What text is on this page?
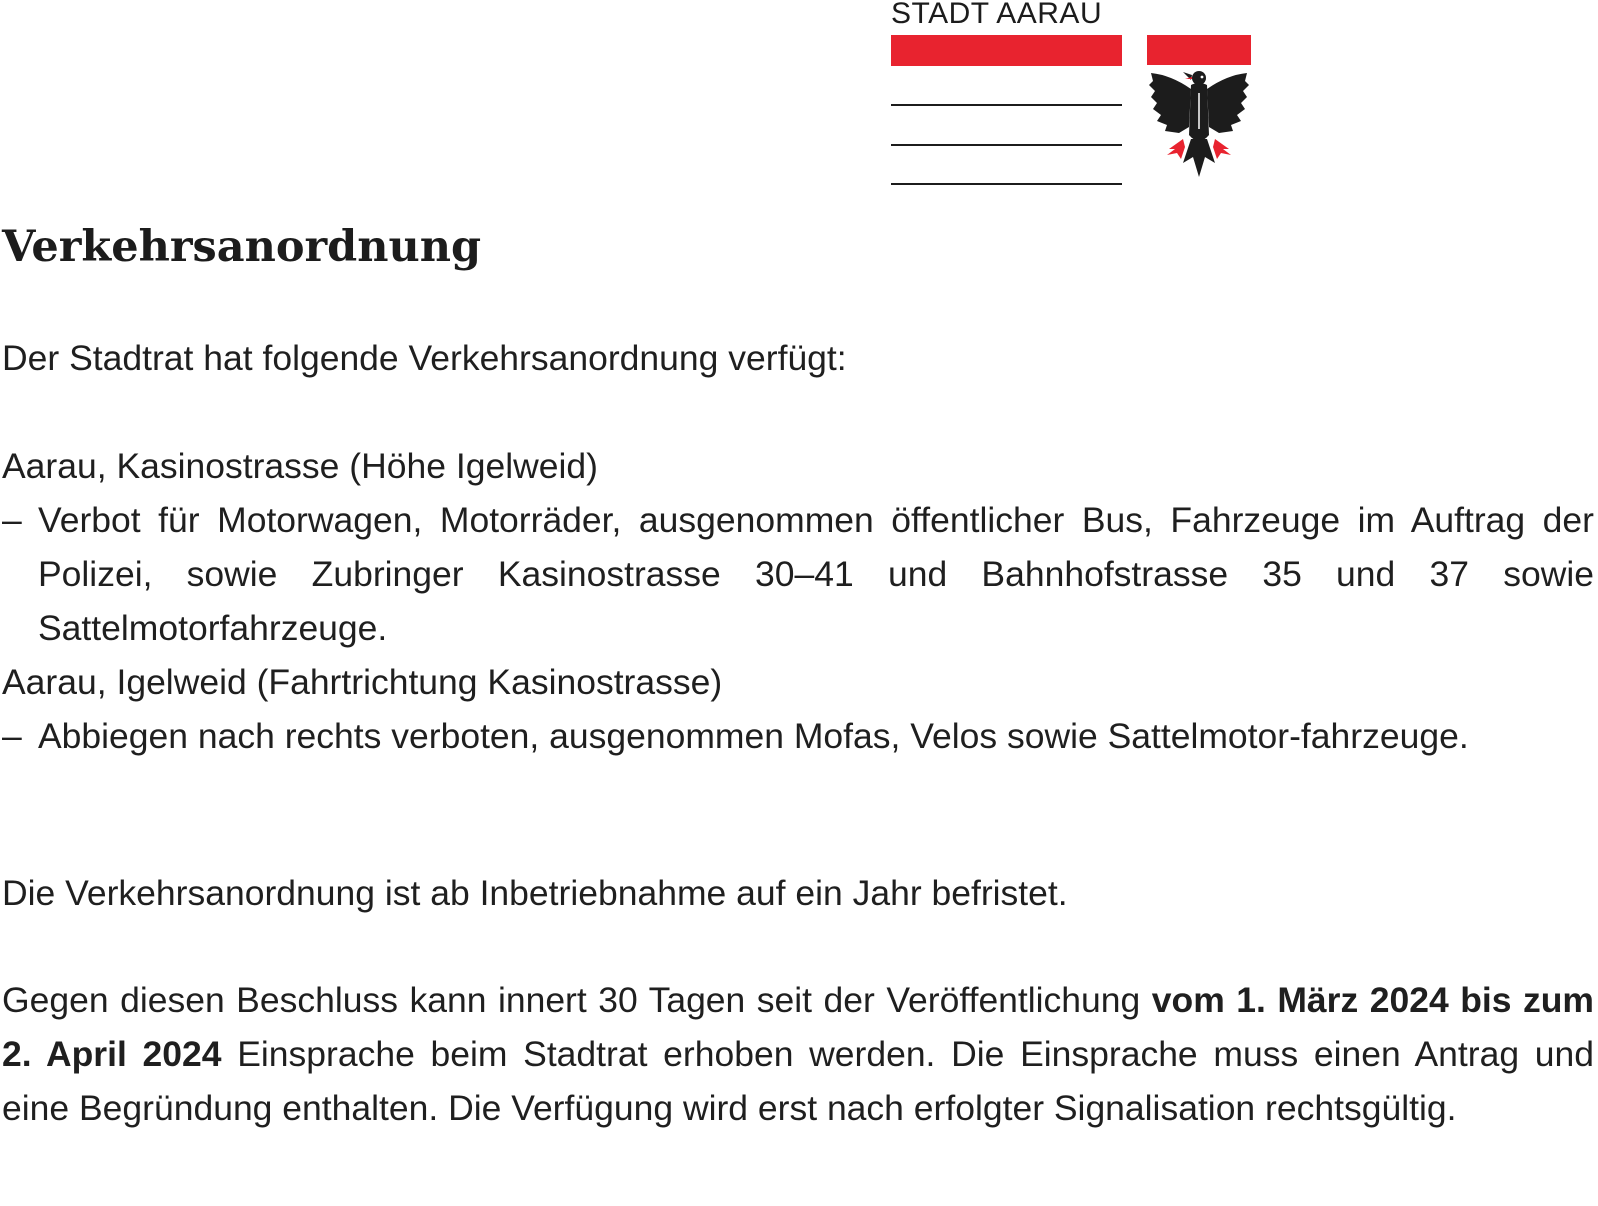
STADT AARAU
Verkehrsanordnung
Der Stadtrat hat folgende Verkehrsanordnung verfügt:
Aarau, Kasinostrasse (Höhe Igelweid)
– Verbot für Motorwagen, Motorräder, ausgenommen öffentlicher Bus, Fahrzeuge im Auftrag der Polizei, sowie Zubringer Kasinostrasse 30–41 und Bahnhofstrasse 35 und 37 sowie Sattelmotorfahrzeuge.
Aarau, Igelweid (Fahrtrichtung Kasinostrasse)
– Abbiegen nach rechts verboten, ausgenommen Mofas, Velos sowie Sattelmotor-fahrzeuge.
Die Verkehrsanordnung ist ab Inbetriebnahme auf ein Jahr befristet.
Gegen diesen Beschluss kann innert 30 Tagen seit der Veröffentlichung vom 1. März 2024 bis zum 2. April 2024 Einsprache beim Stadtrat erhoben werden. Die Einsprache muss einen Antrag und eine Begründung enthalten. Die Verfügung wird erst nach erfolgter Signalisation rechtsgültig.
